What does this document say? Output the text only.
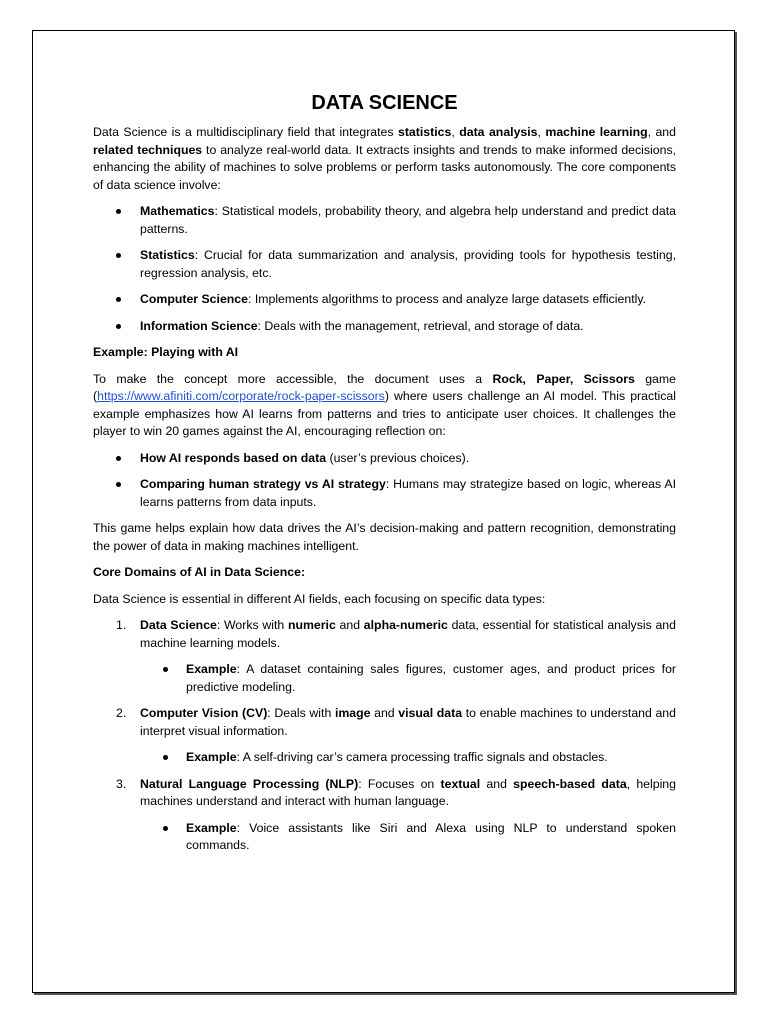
DATA SCIENCE

Data Science is a multidisciplinary field that integrates statistics, data analysis, machine learning, and related techniques to analyze real-world data. It extracts insights and trends to make informed decisions, enhancing the ability of machines to solve problems or perform tasks autonomously. The core components of data science involve:

Mathematics: Statistical models, probability theory, and algebra help understand and predict data patterns.
Statistics: Crucial for data summarization and analysis, providing tools for hypothesis testing, regression analysis, etc.
Computer Science: Implements algorithms to process and analyze large datasets efficiently.
Information Science: Deals with the management, retrieval, and storage of data.

Example: Playing with AI

To make the concept more accessible, the document uses a Rock, Paper, Scissors game (https://www.afiniti.com/corporate/rock-paper-scissors) where users challenge an AI model. This practical example emphasizes how AI learns from patterns and tries to anticipate user choices. It challenges the player to win 20 games against the AI, encouraging reflection on:

How AI responds based on data (user’s previous choices).
Comparing human strategy vs AI strategy: Humans may strategize based on logic, whereas AI learns patterns from data inputs.

This game helps explain how data drives the AI’s decision-making and pattern recognition, demonstrating the power of data in making machines intelligent.

Core Domains of AI in Data Science:

Data Science is essential in different AI fields, each focusing on specific data types:

1. Data Science: Works with numeric and alpha-numeric data, essential for statistical analysis and machine learning models.
Example: A dataset containing sales figures, customer ages, and product prices for predictive modeling.
2. Computer Vision (CV): Deals with image and visual data to enable machines to understand and interpret visual information.
Example: A self-driving car’s camera processing traffic signals and obstacles.
3. Natural Language Processing (NLP): Focuses on textual and speech-based data, helping machines understand and interact with human language.
Example: Voice assistants like Siri and Alexa using NLP to understand spoken commands.
